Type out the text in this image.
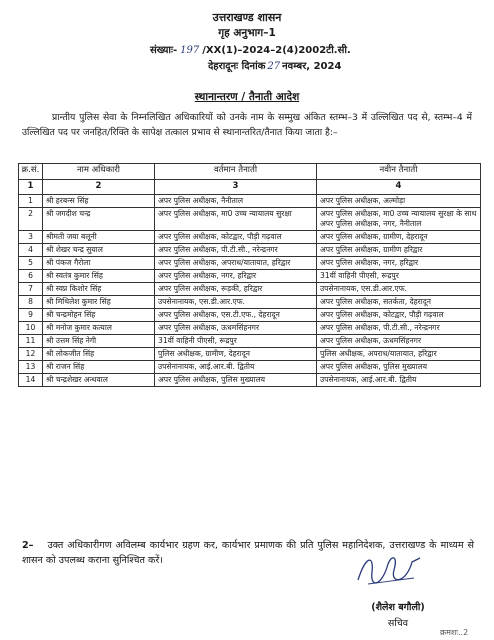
उत्तराखण्ड शासन
गृह अनुभाग–1
संख्याः- 197 /XX(1)–2024–2(4)2002टी.सी.
देहरादूनः दिनांक 27 नवम्बर, 2024
स्थानान्तरण / तैनाती आदेश
प्रान्तीय पुलिस सेवा के निम्नलिखित अधिकारियों को उनके नाम के सम्मुख अंकित स्तम्भ–3 में उल्लिखित पद से, स्तम्भ–4 में उल्लिखित पद पर जनहित/रिक्ति के सापेक्ष तत्काल प्रभाव से स्थानान्तरित/तैनात किया जाता है:–
क्र.सं.	नाम अधिकारी	वर्तमान तैनाती	नवीन तैनाती
1	2	3	4
1	श्री हरबन्स सिंह	अपर पुलिस अधीक्षक, नैनीताल	अपर पुलिस अधीक्षक, अल्मोड़ा
2	श्री जगदीश चन्द्र	अपर पुलिस अधीक्षक, मा0 उच्च न्यायालय सुरक्षा	अपर पुलिस अधीक्षक, मा0 उच्च न्यायालय सुरक्षा के साथ अपर पुलिस अधीक्षक, नगर, नैनीताल
3	श्रीमती जया बलूनी	अपर पुलिस अधीक्षक, कोटद्वार, पौड़ी गढ़वाल	अपर पुलिस अधीक्षक, ग्रामीण, देहरादून
4	श्री शेखर चन्द्र सुयाल	अपर पुलिस अधीक्षक, पी.टी.सी., नरेन्द्रनगर	अपर पुलिस अधीक्षक, ग्रामीण हरिद्वार
5	श्री पंकज गैरोला	अपर पुलिस अधीक्षक, अपराध/यातायात, हरिद्वार	अपर पुलिस अधीक्षक, नगर, हरिद्वार
6	श्री स्वतंत्र कुमार सिंह	अपर पुलिस अधीक्षक, नगर, हरिद्वार	31वीं वाहिनी पीएसी, रूद्रपुर
7	श्री स्वप्न किशोर सिंह	अपर पुलिस अधीक्षक, रूड़की, हरिद्वार	उपसेनानायक, एस.डी.आर.एफ.
8	श्री मिथिलेश कुमार सिंह	उपसेनानायक, एस.डी.आर.एफ.	अपर पुलिस अधीक्षक, सतर्कता, देहरादून
9	श्री चन्द्रमोहन सिंह	अपर पुलिस अधीक्षक, एस.टी.एफ., देहरादून	अपर पुलिस अधीक्षक, कोटद्वार, पौड़ी गढ़वाल
10	श्री मनोज कुमार कत्याल	अपर पुलिस अधीक्षक, ऊधमसिंहनगर	अपर पुलिस अधीक्षक, पी.टी.सी., नरेन्द्रनगर
11	श्री उत्तम सिंह नेगी	31वीं वाहिनी पीएसी, रूद्रपुर	अपर पुलिस अधीक्षक, ऊधमसिंहनगर
12	श्री लोकजीत सिंह	पुलिस अधीक्षक, ग्रामीण, देहरादून	पुलिस अधीक्षक, अपराध/यातायात, हरिद्वार
13	श्री राजन सिंह	उपसेनानायक, आई.आर.बी. द्वितीय	अपर पुलिस अधीक्षक, पुलिस मुख्यालय
14	श्री चन्द्रशेखर अन्थवाल	अपर पुलिस अधीक्षक, पुलिस मुख्यालय	उपसेनानायक, आई.आर.बी. द्वितीय
2– उक्त अधिकारीगण अविलम्ब कार्यभार ग्रहण कर, कार्यभार प्रमाणक की प्रति पुलिस महानिदेशक, उत्तराखण्ड के माध्यम से शासन को उपलब्ध कराना सुनिश्चित करें।
(शैलेश बगौली)
सचिव
क्रमशः..2
